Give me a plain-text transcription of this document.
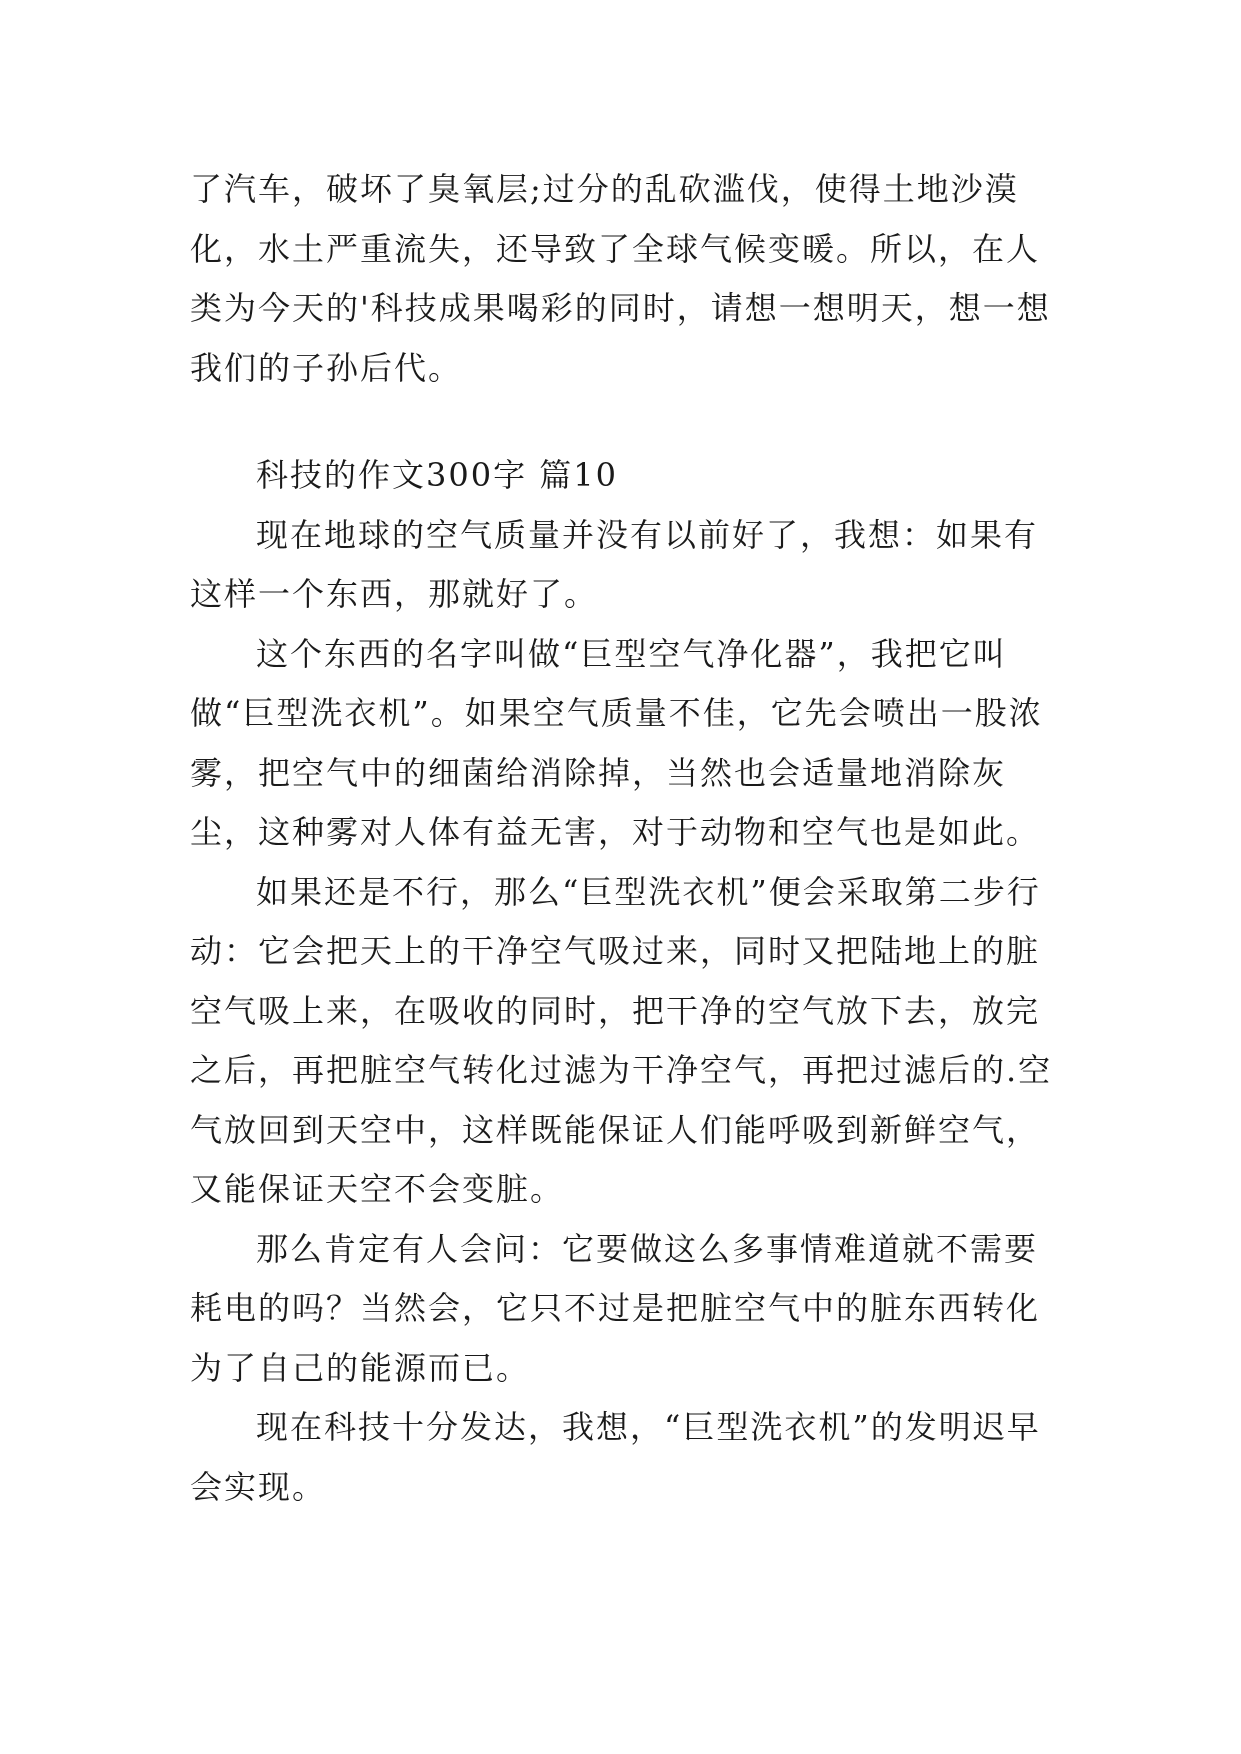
了汽车，破坏了臭氧层;过分的乱砍滥伐，使得土地沙漠化，水土严重流失，还导致了全球气候变暖。所以，在人类为今天的'科技成果喝彩的同时，请想一想明天，想一想我们的子孙后代。

科技的作文300字 篇10

现在地球的空气质量并没有以前好了，我想：如果有这样一个东西，那就好了。

这个东西的名字叫做“巨型空气净化器”，我把它叫做“巨型洗衣机”。如果空气质量不佳，它先会喷出一股浓雾，把空气中的细菌给消除掉，当然也会适量地消除灰尘，这种雾对人体有益无害，对于动物和空气也是如此。

如果还是不行，那么“巨型洗衣机”便会采取第二步行动：它会把天上的干净空气吸过来，同时又把陆地上的脏空气吸上来，在吸收的同时，把干净的空气放下去，放完之后，再把脏空气转化过滤为干净空气，再把过滤后的.空气放回到天空中，这样既能保证人们能呼吸到新鲜空气，又能保证天空不会变脏。

那么肯定有人会问：它要做这么多事情难道就不需要耗电的吗？当然会，它只不过是把脏空气中的脏东西转化为了自己的能源而已。

现在科技十分发达，我想，“巨型洗衣机”的发明迟早会实现。
